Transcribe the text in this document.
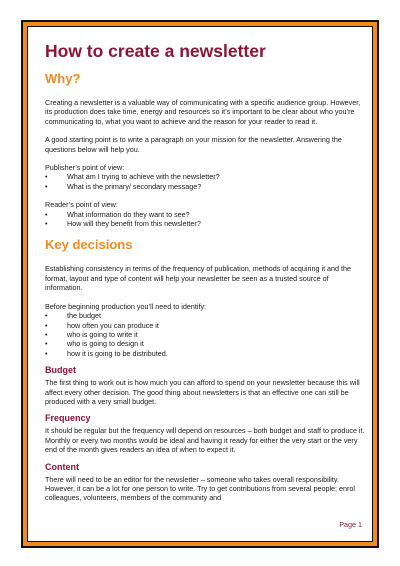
How to create a newsletter
Why?

Creating a newsletter is a valuable way of communicating with a specific audience group. However, its production does take time, energy and resources so it’s important to be clear about who you’re communicating to, what you want to achieve and the reason for your reader to read it.

A good starting point is to write a paragraph on your mission for the newsletter. Answering the questions below will help you.

Publisher’s point of view:

•	What am I trying to achieve with the newsletter?
•	What is the primary/ secondary message?

Reader’s point of view:

•	What information do they want to see?
•	How will they benefit from this newsletter?
Key decisions

Establishing consistency in terms of the frequency of publication, methods of acquiring it and the format, layout and type of content will help your newsletter be seen as a trusted source of information.

Before beginning production you’ll need to identify:

•	the budget
•	how often you can produce it
•	who is going to write it
•	who is going to design it
•	how it is going to be distributed.
Budget

The first thing to work out is how much you can afford to spend on your newsletter because this will affect every other decision. The good thing about newsletters is that an effective one can still be produced with a very small budget.

Frequency

It should be regular but the frequency will depend on resources – both budget and staff to produce it. Monthly or every two months would be ideal and having it ready for either the very start or the very end of the month gives readers an idea of when to expect it.

Content

There will need to be an editor for the newsletter – someone who takes overall responsibility. However, it can be a lot for one person to write. Try to get contributions from several people; enrol colleagues, volunteers, members of the community and

Page 1
